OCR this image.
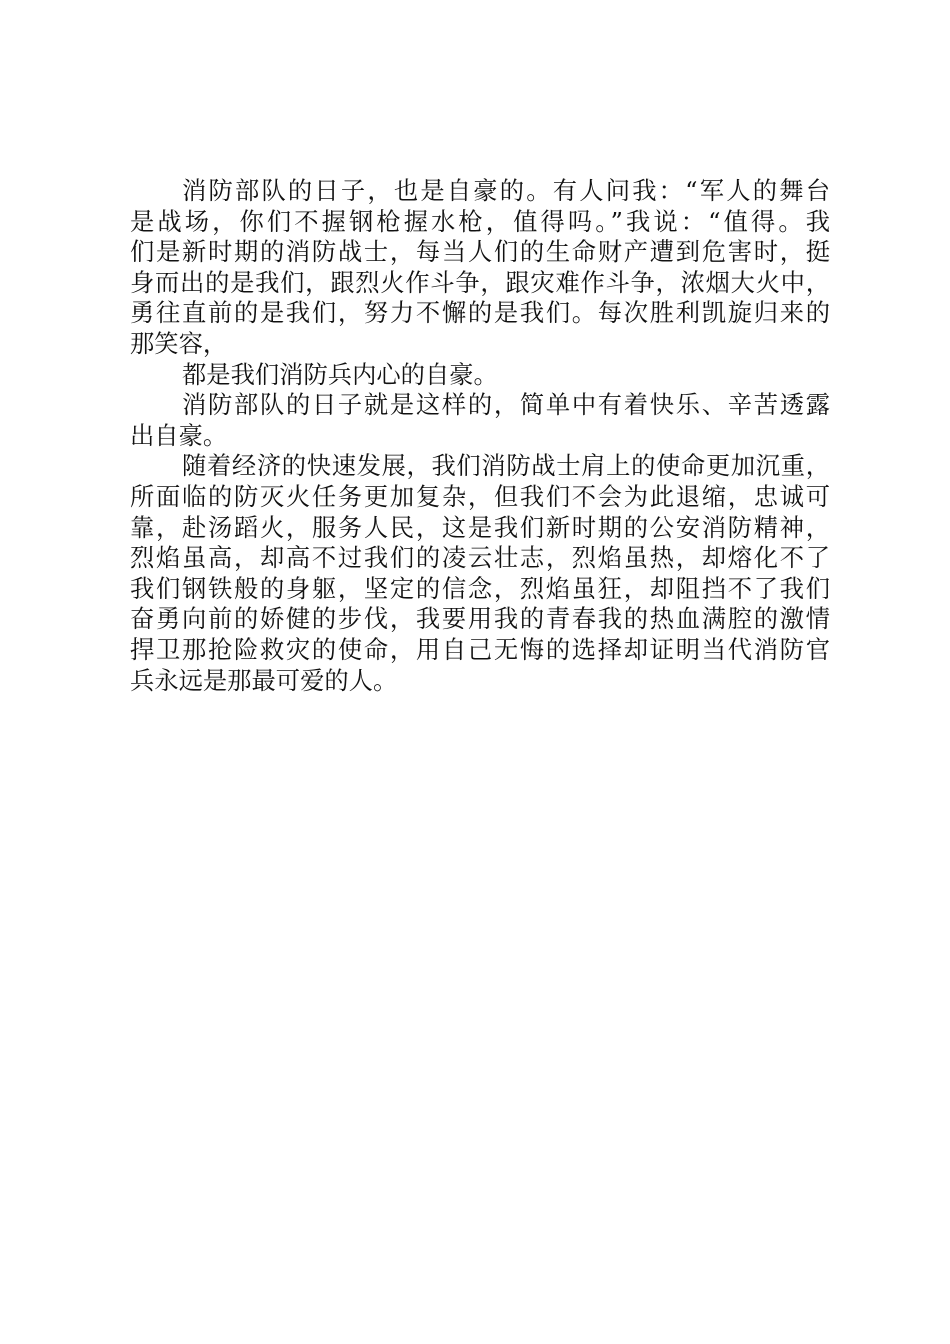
消防部队的日子，也是自豪的。有人问我：“军人的舞台
是战场，你们不握钢枪握水枪，值得吗。”我说：“值得。我
们是新时期的消防战士，每当人们的生命财产遭到危害时，挺
身而出的是我们，跟烈火作斗争，跟灾难作斗争，浓烟大火中，
勇往直前的是我们，努力不懈的是我们。每次胜利凯旋归来的
那笑容，
都是我们消防兵内心的自豪。
消防部队的日子就是这样的，简单中有着快乐、辛苦透露
出自豪。
随着经济的快速发展，我们消防战士肩上的使命更加沉重，
所面临的防灭火任务更加复杂，但我们不会为此退缩，忠诚可
靠，赴汤蹈火，服务人民，这是我们新时期的公安消防精神，
烈焰虽高，却高不过我们的凌云壮志，烈焰虽热，却熔化不了
我们钢铁般的身躯，坚定的信念，烈焰虽狂，却阻挡不了我们
奋勇向前的娇健的步伐，我要用我的青春我的热血满腔的激情
捍卫那抢险救灾的使命，用自己无悔的选择却证明当代消防官
兵永远是那最可爱的人。
